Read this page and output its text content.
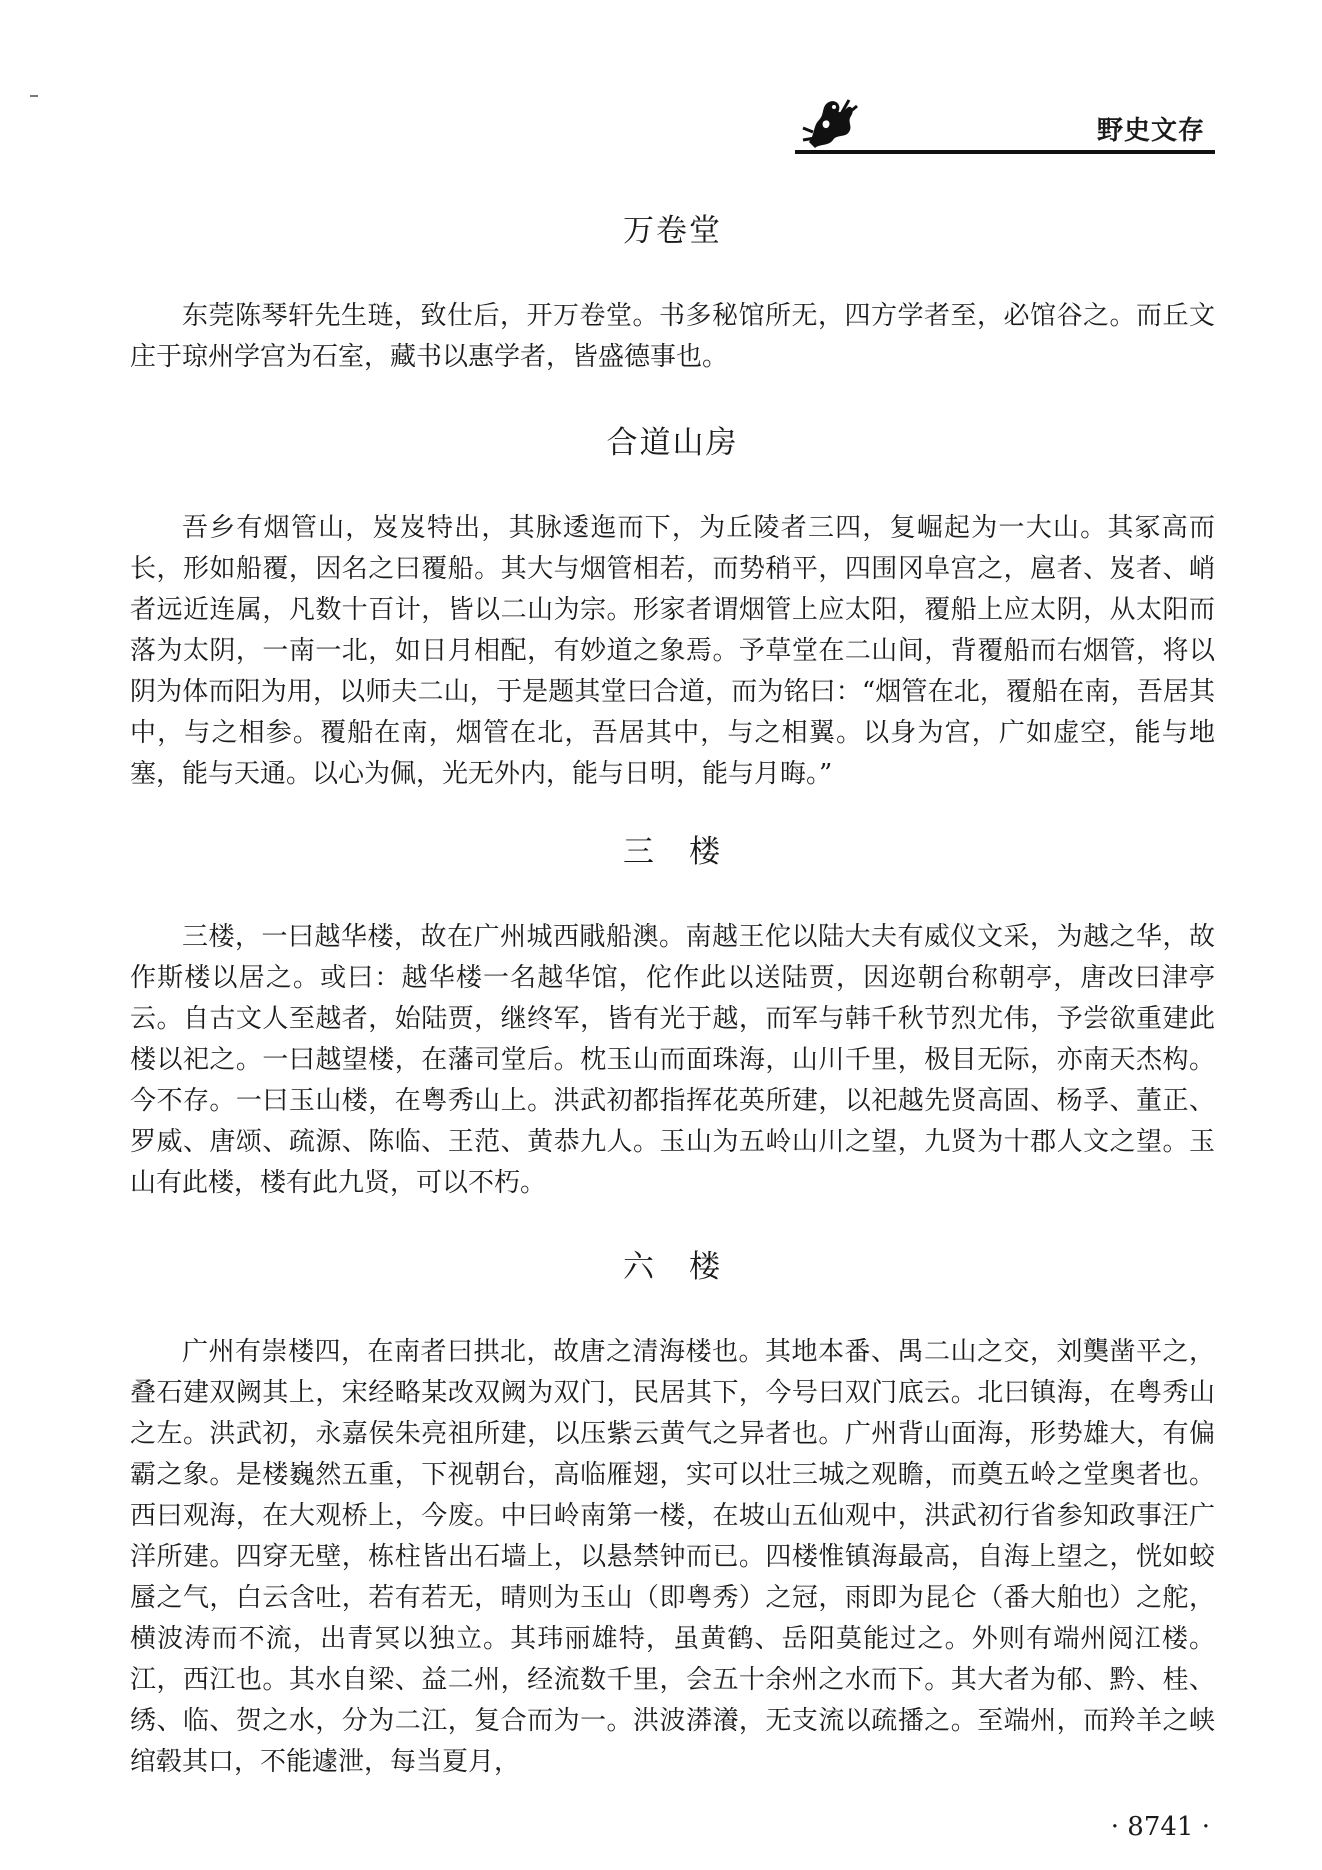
野史文存
万卷堂

东莞陈琴轩先生琏，致仕后，开万卷堂。书多秘馆所无，四方学者至，必馆谷之。而丘文庄于琼州学宫为石室，藏书以惠学者，皆盛德事也。

合道山房

吾乡有烟管山，岌岌特出，其脉逶迤而下，为丘陵者三四，复崛起为一大山。其冢高而长，形如船覆，因名之曰覆船。其大与烟管相若，而势稍平，四围冈阜宫之，扈者、岌者、峭者远近连属，凡数十百计，皆以二山为宗。形家者谓烟管上应太阳，覆船上应太阴，从太阳而落为太阴，一南一北，如日月相配，有妙道之象焉。予草堂在二山间，背覆船而右烟管，将以阴为体而阳为用，以师夫二山，于是题其堂曰合道，而为铭曰：“烟管在北，覆船在南，吾居其中，与之相参。覆船在南，烟管在北，吾居其中，与之相翼。以身为宫，广如虚空，能与地塞，能与天通。以心为佩，光无外内，能与日明，能与月晦。”

三　楼

三楼，一曰越华楼，故在广州城西戙船澳。南越王佗以陆大夫有威仪文采，为越之华，故作斯楼以居之。或曰：越华楼一名越华馆，佗作此以送陆贾，因迩朝台称朝亭，唐改曰津亭云。自古文人至越者，始陆贾，继终军，皆有光于越，而军与韩千秋节烈尤伟，予尝欲重建此楼以祀之。一曰越望楼，在藩司堂后。枕玉山而面珠海，山川千里，极目无际，亦南天杰构。今不存。一曰玉山楼，在粤秀山上。洪武初都指挥花英所建，以祀越先贤高固、杨孚、董正、罗威、唐颂、疏源、陈临、王范、黄恭九人。玉山为五岭山川之望，九贤为十郡人文之望。玉山有此楼，楼有此九贤，可以不朽。

六　楼

广州有崇楼四，在南者曰拱北，故唐之清海楼也。其地本番、禺二山之交，刘龑凿平之，叠石建双阙其上，宋经略某改双阙为双门，民居其下，今号曰双门底云。北曰镇海，在粤秀山之左。洪武初，永嘉侯朱亮祖所建，以压紫云黄气之异者也。广州背山面海，形势雄大，有偏霸之象。是楼巍然五重，下视朝台，高临雁翅，实可以壮三城之观瞻，而奠五岭之堂奥者也。西曰观海，在大观桥上，今废。中曰岭南第一楼，在坡山五仙观中，洪武初行省参知政事汪广洋所建。四穿无壁，栋柱皆出石墙上，以悬禁钟而已。四楼惟镇海最高，自海上望之，恍如蛟蜃之气，白云含吐，若有若无，晴则为玉山（即粤秀）之冠，雨即为昆仑（番大舶也）之舵，横波涛而不流，出青冥以独立。其玮丽雄特，虽黄鹤、岳阳莫能过之。外则有端州阅江楼。江，西江也。其水自梁、益二州，经流数千里，会五十余州之水而下。其大者为郁、黔、桂、绣、临、贺之水，分为二江，复合而为一。洪波漭瀁，无支流以疏播之。至端州，而羚羊之峡绾毂其口，不能遽泄，每当夏月，

· 8741 ·
